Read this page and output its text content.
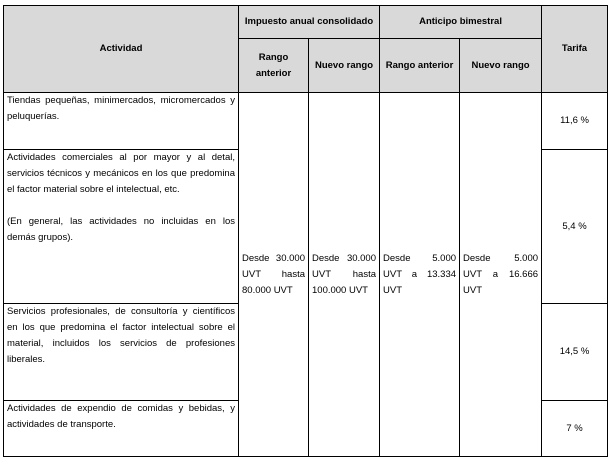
Actividad	Impuesto anual consolidado		Anticipo bimestral		Tarifa
	Rango anterior	Nuevo rango	Rango anterior	Nuevo rango	
Tiendas pequeñas, minimercados, micromercados y peluquerías.	Desde 30.000 UVT hasta 80.000 UVT	Desde 30.000 UVT hasta 100.000 UVT	Desde 5.000 UVT a 13.334 UVT	Desde 5.000 UVT a 16.666 UVT	11,6 %

Actividades comerciales al por mayor y al detal, servicios técnicos y mecánicos en los que predomina el factor material sobre el intelectual, etc.
(En general, las actividades no incluidas en los demás grupos).					5,4 %
Servicios profesionales, de consultoría y científicos en los que predomina el factor intelectual sobre el material, incluidos los servicios de profesiones liberales.					14,5 %
Actividades de expendio de comidas y bebidas, y actividades de transporte.					7 %
